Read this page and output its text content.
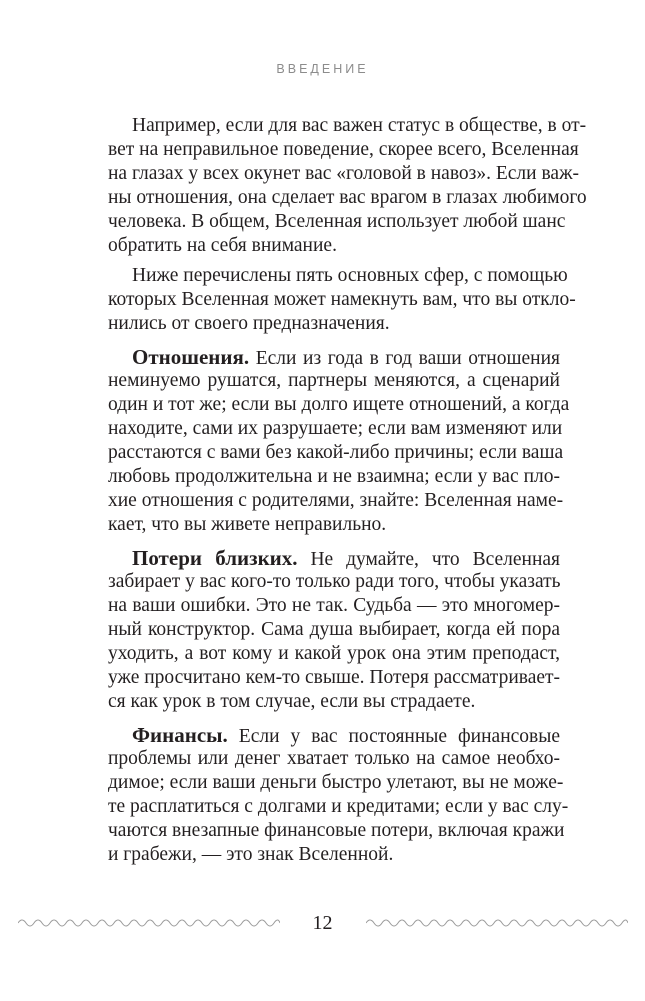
ВВЕДЕНИЕ
Например, если для вас важен статус в обществе, в от-
вет на неправильное поведение, скорее всего, Вселенная
на глазах у всех окунет вас «головой в навоз». Если важ-
ны отношения, она сделает вас врагом в глазах любимого
человека. В общем, Вселенная использует любой шанс
обратить на себя внимание.
Ниже перечислены пять основных сфер, с помощью
которых Вселенная может намекнуть вам, что вы откло-
нились от своего предназначения.
Отношения. Если из года в год ваши отношения
неминуемо рушатся, партнеры меняются, а сценарий
один и тот же; если вы долго ищете отношений, а когда
находите, сами их разрушаете; если вам изменяют или
расстаются с вами без какой-либо причины; если ваша
любовь продолжительна и не взаимна; если у вас пло-
хие отношения с родителями, знайте: Вселенная намe-
кает, что вы живете неправильно.
Потери близких. Не думайте, что Вселенная
забирает у вас кого-то только ради того, чтобы указать
на ваши ошибки. Это не так. Судьба — это многомер-
ный конструктор. Сама душа выбирает, когда ей пора
уходить, а вот кому и какой урок она этим преподаст,
уже просчитано кем-то свыше. Потеря рассматривает-
ся как урок в том случае, если вы страдаете.
Финансы. Если у вас постоянные финансовые
проблемы или денег хватает только на самое необхо-
димое; если ваши деньги быстро улетают, вы не може-
те расплатиться с долгами и кредитами; если у вас слу-
чаются внезапные финансовые потери, включая кражи
и грабежи, — это знак Вселенной.
12
